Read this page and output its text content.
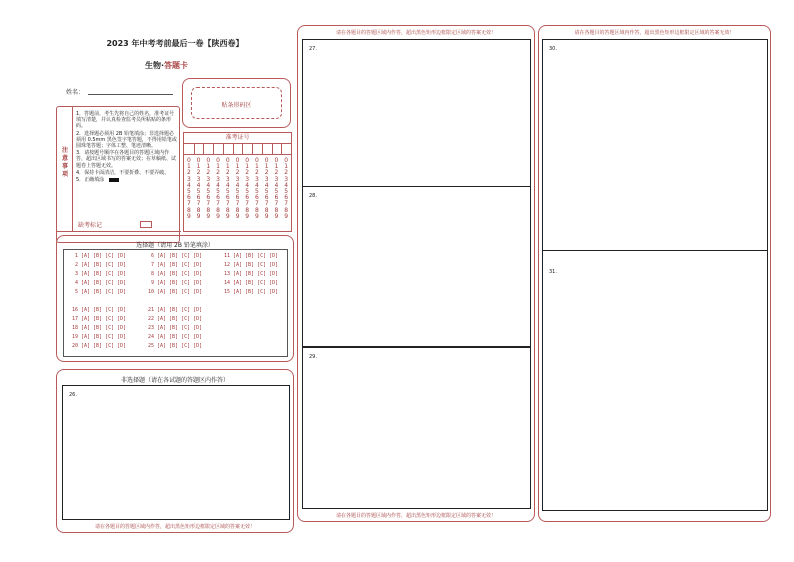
2023 年中考考前最后一卷【陕西卷】
生物·答题卡
姓名：
贴条形码区
注
意
事
项
1．答题前，考生先将自己的姓名，准考证号填写清楚，并认真检查监考员所粘贴的条形码。
2．选择题必须用 2B 铅笔填涂；非选择题必须用 0.5mm 黑色签字笔答题，不得用铅笔或圆珠笔答题；字体工整、笔迹清晰。
3．请按题号顺序在各题目的答题区域内作答，超出区域书写的答案无效；在草稿纸、试题卷上答题无效。
4．保持卡面清洁，不要折叠、不要弄破。
5．正确填涂
缺考标记
准考证号
0
1
2
3
4
5
6
7
8
9
0
1
2
3
4
5
6
7
8
9
0
1
2
3
4
5
6
7
8
9
0
1
2
3
4
5
6
7
8
9
0
1
2
3
4
5
6
7
8
9
0
1
2
3
4
5
6
7
8
9
0
1
2
3
4
5
6
7
8
9
0
1
2
3
4
5
6
7
8
9
0
1
2
3
4
5
6
7
8
9
0
1
2
3
4
5
6
7
8
9
0
1
2
3
4
5
6
7
8
9
选择题（请用 2B 铅笔填涂）
1 [A] [B] [C] [D]
2 [A] [B] [C] [D]
3 [A] [B] [C] [D]
4 [A] [B] [C] [D]
5 [A] [B] [C] [D]
6 [A] [B] [C] [D]
7 [A] [B] [C] [D]
8 [A] [B] [C] [D]
9 [A] [B] [C] [D]
10 [A] [B] [C] [D]
11 [A] [B] [C] [D]
12 [A] [B] [C] [D]
13 [A] [B] [C] [D]
14 [A] [B] [C] [D]
15 [A] [B] [C] [D]
16 [A] [B] [C] [D]
17 [A] [B] [C] [D]
18 [A] [B] [C] [D]
19 [A] [B] [C] [D]
20 [A] [B] [C] [D]
21 [A] [B] [C] [D]
22 [A] [B] [C] [D]
23 [A] [B] [C] [D]
24 [A] [B] [C] [D]
25 [A] [B] [C] [D]
非选择题（请在各试题的答题区内作答）
26.
请在各题目的答题区域内作答，超出黑色矩形边框限定区域的答案无效！
请在各题目的答题区域内作答，超出黑色矩形边框限定区域的答案无效！
27.
28.
29.
请在各题目的答题区域内作答，超出黑色矩形边框限定区域的答案无效！
请在各题目的答题区域内作答，超出黑色矩形边框限定区域的答案无效！
30.
31.
